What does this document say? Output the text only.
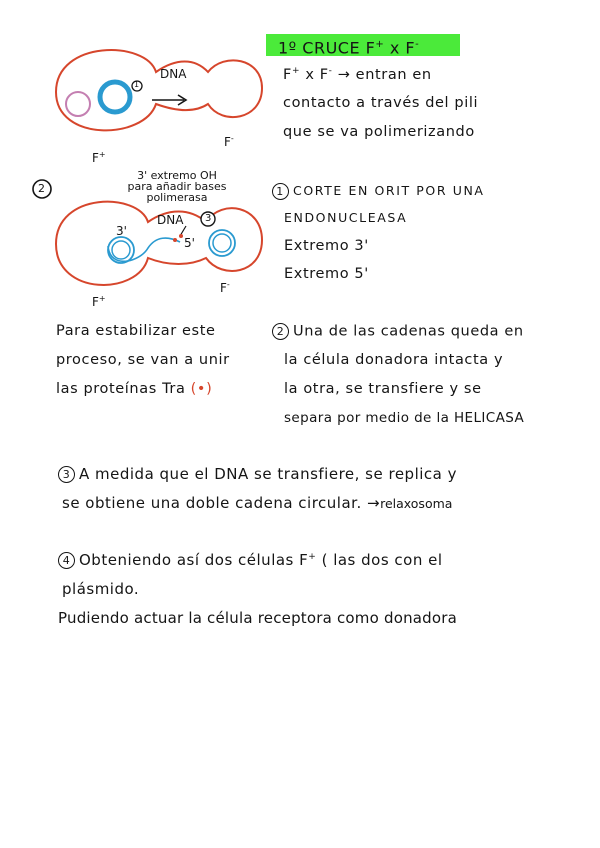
1º CRUCE F+ x F-
F+ x F- → entran en
contacto a través del pili
que se va polimerizando
DNA
1
F+
F-
2
3' extremo OH
para añadir bases
polimerasa
DNA 3
3'
5'
F+
F-
1 CORTE EN ORIT POR UNA
ENDONUCLEASA
Extremo 3'
Extremo 5'
Para estabilizar este
proceso, se van a unir
las proteínas Tra (•)
2 Una de las cadenas queda en
la célula donadora intacta y
la otra, se transfiere y se
separa por medio de la HELICASA
3 A medida que el DNA se transfiere, se replica y
se obtiene una doble cadena circular. →relaxosoma
4 Obteniendo así dos células F+ ( las dos con el
plásmido.
Pudiendo actuar la célula receptora como donadora
